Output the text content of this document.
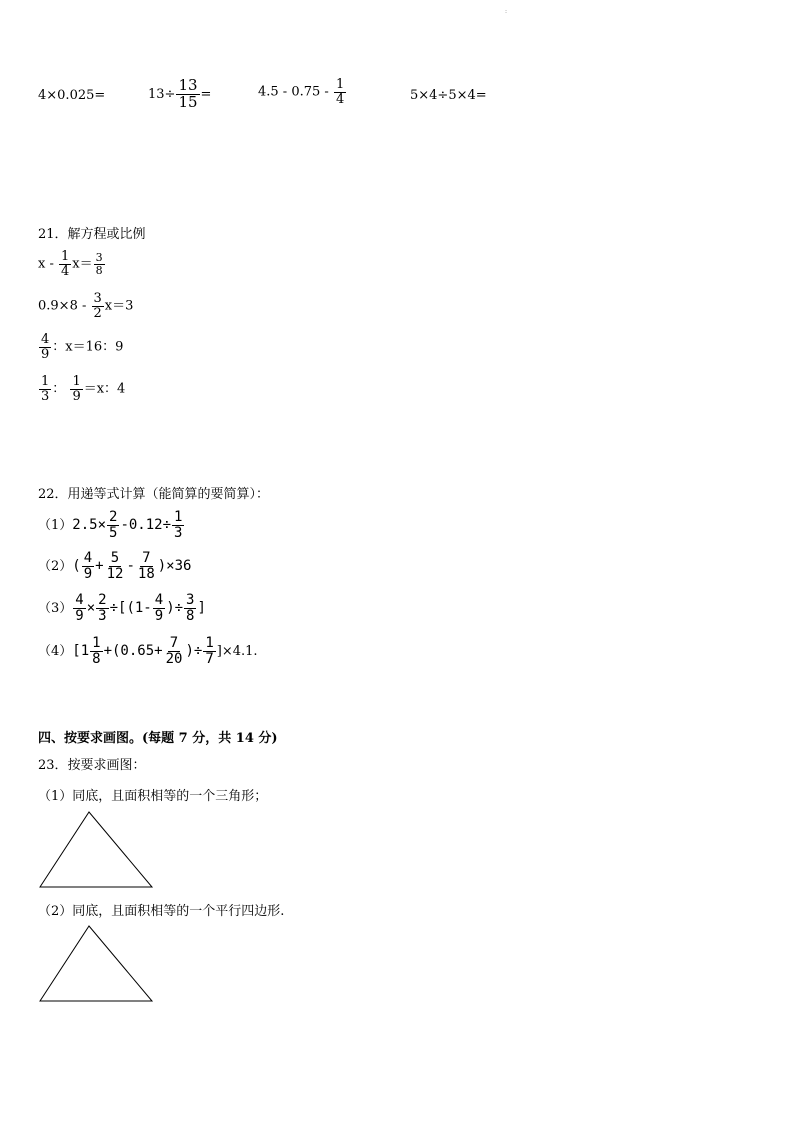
:
4×0.025=	$13\div \frac{13}{15}$ =	$4.5 - 0.75 - \frac{1}{4}$	5×4÷5×4=
21．解方程或比例
$x - \frac{1}{4} x= \frac{3}{8}$
$0.9\times 8 - \frac{3}{2} x=3$
$\frac{4}{9}$ ：x＝16：9
$\frac{1}{3}$ ： $\frac{1}{9} =x$：4
22．用递等式计算（能简算的要简算）：
$(1)2.5\times \frac{2}{5} -0.12\div \frac{1}{3}$
$(2)( \frac{4}{9} + \frac{5}{12} - \frac{7}{18} )\times 36$
$(3) \frac{4}{9} \times \frac{2}{3} \div[(1- \frac{4}{9}$ )÷ $\frac{3}{8}$ ]
$(4)[1 \frac{1}{8} +(0.65+ \frac{7}{20}$ )÷ $\frac{1}{7} ]\times 4.1$.
四、按要求画图。(每题 7 分，共 14 分)
23．按要求画图：
（1）同底，且面积相等的一个三角形；
（2）同底，且面积相等的一个平行四边形.
